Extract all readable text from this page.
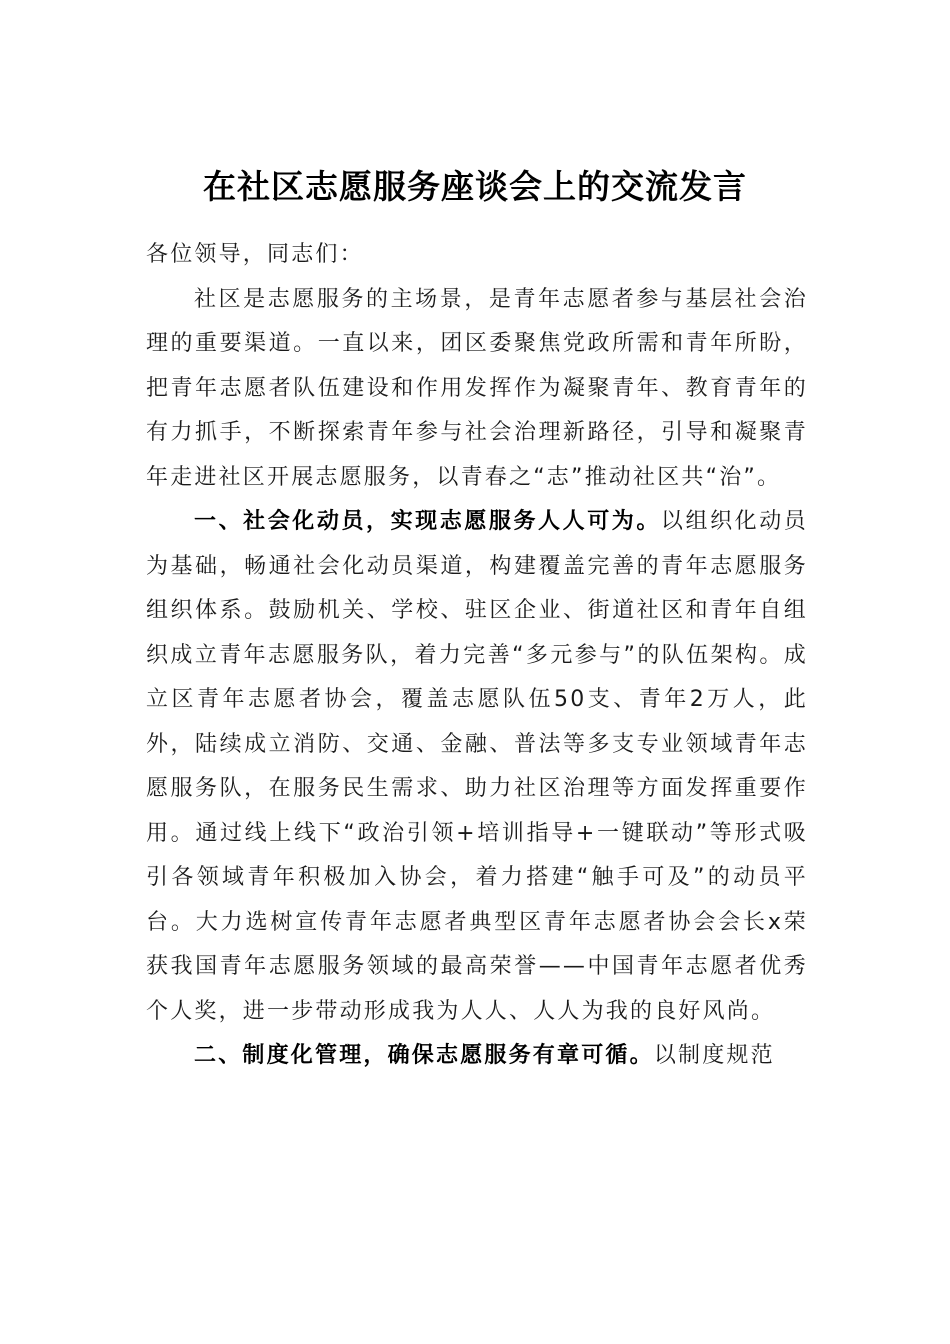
在社区志愿服务座谈会上的交流发言

各位领导，同志们：

社区是志愿服务的主场景，是青年志愿者参与基层社会治理的重要渠道。一直以来，团区委聚焦党政所需和青年所盼，把青年志愿者队伍建设和作用发挥作为凝聚青年、教育青年的有力抓手，不断探索青年参与社会治理新路径，引导和凝聚青年走进社区开展志愿服务，以青春之“志”推动社区共“治”。

一、社会化动员，实现志愿服务人人可为。以组织化动员为基础，畅通社会化动员渠道，构建覆盖完善的青年志愿服务组织体系。鼓励机关、学校、驻区企业、街道社区和青年自组织成立青年志愿服务队，着力完善“多元参与”的队伍架构。成立区青年志愿者协会，覆盖志愿队伍50支、青年2万人，此外，陆续成立消防、交通、金融、普法等多支专业领域青年志愿服务队，在服务民生需求、助力社区治理等方面发挥重要作用。通过线上线下“政治引领+培训指导+一键联动”等形式吸引各领域青年积极加入协会，着力搭建“触手可及”的动员平台。大力选树宣传青年志愿者典型区青年志愿者协会会长x荣获我国青年志愿服务领域的最高荣誉——中国青年志愿者优秀个人奖，进一步带动形成我为人人、人人为我的良好风尚。

二、制度化管理，确保志愿服务有章可循。以制度规范
